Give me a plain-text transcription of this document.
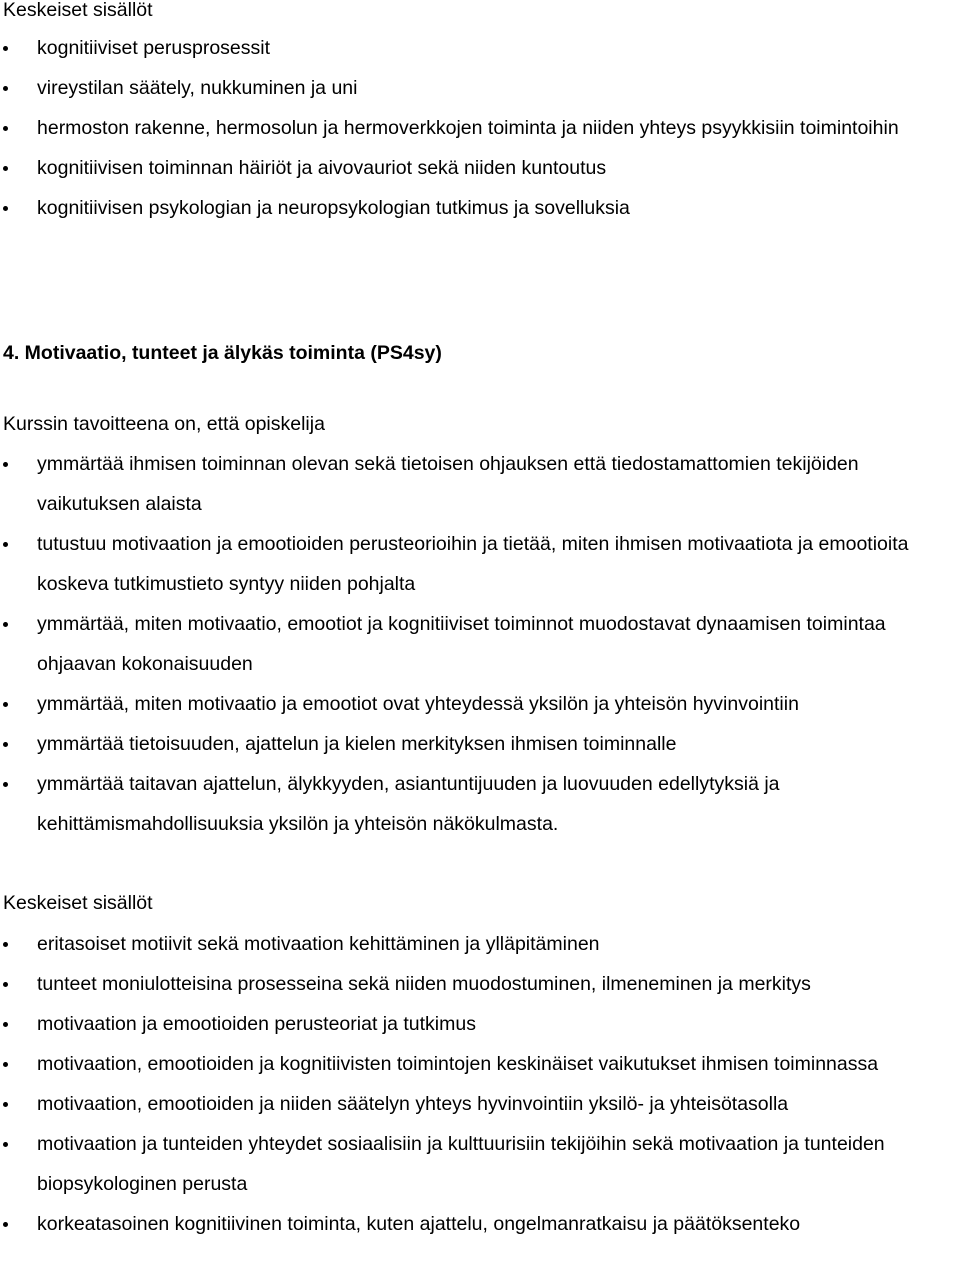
Keskeiset sisällöt

kognitiiviset perusprosessit
vireystilan säätely, nukkuminen ja uni
hermoston rakenne, hermosolun ja hermoverkkojen toiminta ja niiden yhteys psyykkisiin toimintoihin
kognitiivisen toiminnan häiriöt ja aivovauriot sekä niiden kuntoutus
kognitiivisen psykologian ja neuropsykologian tutkimus ja sovelluksia
4. Motivaatio, tunteet ja älykäs toiminta (PS4sy)

Kurssin tavoitteena on, että opiskelija

ymmärtää ihmisen toiminnan olevan sekä tietoisen ohjauksen että tiedostamattomien tekijöiden vaikutuksen alaista
tutustuu motivaation ja emootioiden perusteorioihin ja tietää, miten ihmisen motivaatiota ja emootioita koskeva tutkimustieto syntyy niiden pohjalta
ymmärtää, miten motivaatio, emootiot ja kognitiiviset toiminnot muodostavat dynaamisen toimintaa ohjaavan kokonaisuuden
ymmärtää, miten motivaatio ja emootiot ovat yhteydessä yksilön ja yhteisön hyvinvointiin
ymmärtää tietoisuuden, ajattelun ja kielen merkityksen ihmisen toiminnalle
ymmärtää taitavan ajattelun, älykkyyden, asiantuntijuuden ja luovuuden edellytyksiä ja kehittämismahdollisuuksia yksilön ja yhteisön näkökulmasta.

Keskeiset sisällöt

eritasoiset motiivit sekä motivaation kehittäminen ja ylläpitäminen
tunteet moniulotteisina prosesseina sekä niiden muodostuminen, ilmeneminen ja merkitys
motivaation ja emootioiden perusteoriat ja tutkimus
motivaation, emootioiden ja kognitiivisten toimintojen keskinäiset vaikutukset ihmisen toiminnassa
motivaation, emootioiden ja niiden säätelyn yhteys hyvinvointiin yksilö- ja yhteisötasolla
motivaation ja tunteiden yhteydet sosiaalisiin ja kulttuurisiin tekijöihin sekä motivaation ja tunteiden biopsykologinen perusta
korkeatasoinen kognitiivinen toiminta, kuten ajattelu, ongelmanratkaisu ja päätöksenteko
